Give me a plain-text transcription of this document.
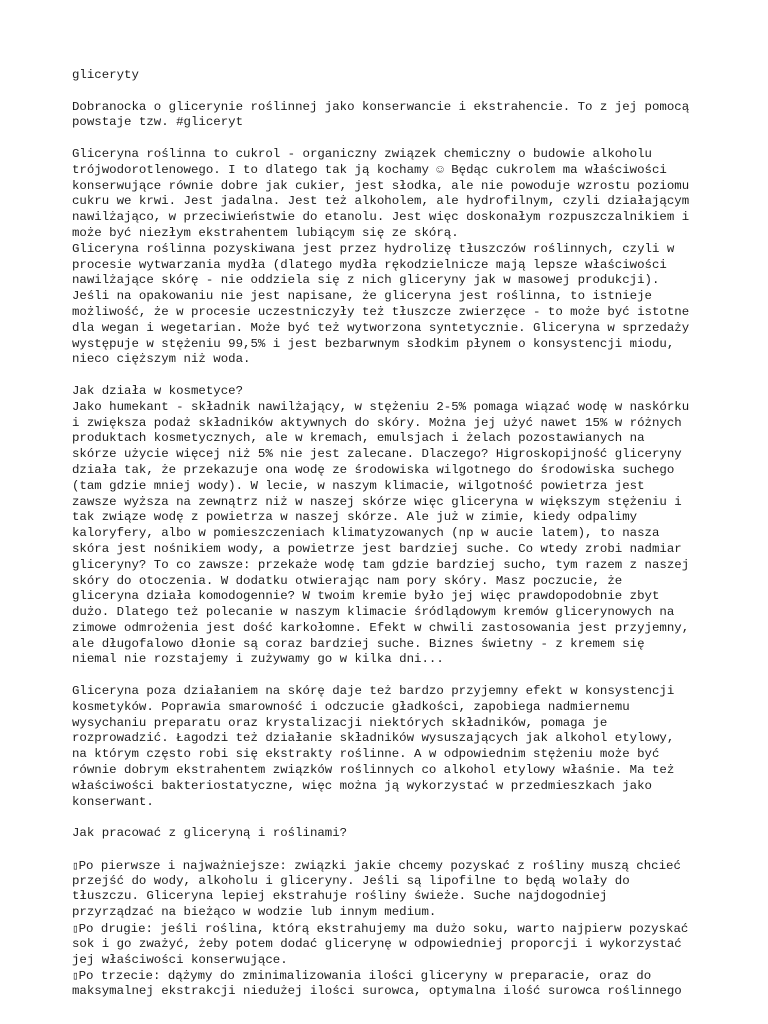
gliceryty
Dobranocka o glicerynie roślinnej jako konserwancie i ekstrahencie. To z jej pomocą
powstaje tzw. #gliceryt
Gliceryna roślinna to cukrol - organiczny związek chemiczny o budowie alkoholu
trójwodorotlenowego. I to dlatego tak ją kochamy ☺ Będąc cukrolem ma właściwości
konserwujące równie dobre jak cukier, jest słodka, ale nie powoduje wzrostu poziomu
cukru we krwi. Jest jadalna. Jest też alkoholem, ale hydrofilnym, czyli działającym
nawilżająco, w przeciwieństwie do etanolu. Jest więc doskonałym rozpuszczalnikiem i
może być niezłym ekstrahentem lubiącym się ze skórą.
Gliceryna roślinna pozyskiwana jest przez hydrolizę tłuszczów roślinnych, czyli w
procesie wytwarzania mydła (dlatego mydła rękodzielnicze mają lepsze właściwości
nawilżające skórę - nie oddziela się z nich gliceryny jak w masowej produkcji).
Jeśli na opakowaniu nie jest napisane, że gliceryna jest roślinna, to istnieje
możliwość, że w procesie uczestniczyły też tłuszcze zwierzęce - to może być istotne
dla wegan i wegetarian. Może być też wytworzona syntetycznie. Gliceryna w sprzedaży
występuje w stężeniu 99,5% i jest bezbarwnym słodkim płynem o konsystencji miodu,
nieco cięższym niż woda.
Jak działa w kosmetyce?
Jako humekant - składnik nawilżający, w stężeniu 2-5% pomaga wiązać wodę w naskórku
i zwiększa podaż składników aktywnych do skóry. Można jej użyć nawet 15% w różnych
produktach kosmetycznych, ale w kremach, emulsjach i żelach pozostawianych na
skórze użycie więcej niż 5% nie jest zalecane. Dlaczego? Higroskopijność gliceryny
działa tak, że przekazuje ona wodę ze środowiska wilgotnego do środowiska suchego
(tam gdzie mniej wody). W lecie, w naszym klimacie, wilgotność powietrza jest
zawsze wyższa na zewnątrz niż w naszej skórze więc gliceryna w większym stężeniu i
tak związe wodę z powietrza w naszej skórze. Ale już w zimie, kiedy odpalimy
kaloryfery, albo w pomieszczeniach klimatyzowanych (np w aucie latem), to nasza
skóra jest nośnikiem wody, a powietrze jest bardziej suche. Co wtedy zrobi nadmiar
gliceryny? To co zawsze: przekaże wodę tam gdzie bardziej sucho, tym razem z naszej
skóry do otoczenia. W dodatku otwierając nam pory skóry. Masz poczucie, że
gliceryna działa komodogennie? W twoim kremie było jej więc prawdopodobnie zbyt
dużo. Dlatego też polecanie w naszym klimacie śródlądowym kremów glicerynowych na
zimowe odmrożenia jest dość karkołomne. Efekt w chwili zastosowania jest przyjemny,
ale długofalowo dłonie są coraz bardziej suche. Biznes świetny - z kremem się
niemal nie rozstajemy i zużywamy go w kilka dni...
Gliceryna poza działaniem na skórę daje też bardzo przyjemny efekt w konsystencji
kosmetyków. Poprawia smarowność i odczucie gładkości, zapobiega nadmiernemu
wysychaniu preparatu oraz krystalizacji niektórych składników, pomaga je
rozprowadzić. Łagodzi też działanie składników wysuszających jak alkohol etylowy,
na którym często robi się ekstrakty roślinne. A w odpowiednim stężeniu może być
równie dobrym ekstrahentem związków roślinnych co alkohol etylowy właśnie. Ma też
właściwości bakteriostatyczne, więc można ją wykorzystać w przedmieszkach jako
konserwant.
Jak pracować z gliceryną i roślinami?
▯Po pierwsze i najważniejsze: związki jakie chcemy pozyskać z rośliny muszą chcieć
przejść do wody, alkoholu i gliceryny. Jeśli są lipofilne to będą wolały do
tłuszczu. Gliceryna lepiej ekstrahuje rośliny świeże. Suche najdogodniej
przyrządzać na bieżąco w wodzie lub innym medium.
▯Po drugie: jeśli roślina, którą ekstrahujemy ma dużo soku, warto najpierw pozyskać
sok i go zważyć, żeby potem dodać glicerynę w odpowiedniej proporcji i wykorzystać
jej właściwości konserwujące.
▯Po trzecie: dążymy do zminimalizowania ilości gliceryny w preparacie, oraz do
maksymalnej ekstrakcji niedużej ilości surowca, optymalna ilość surowca roślinnego
